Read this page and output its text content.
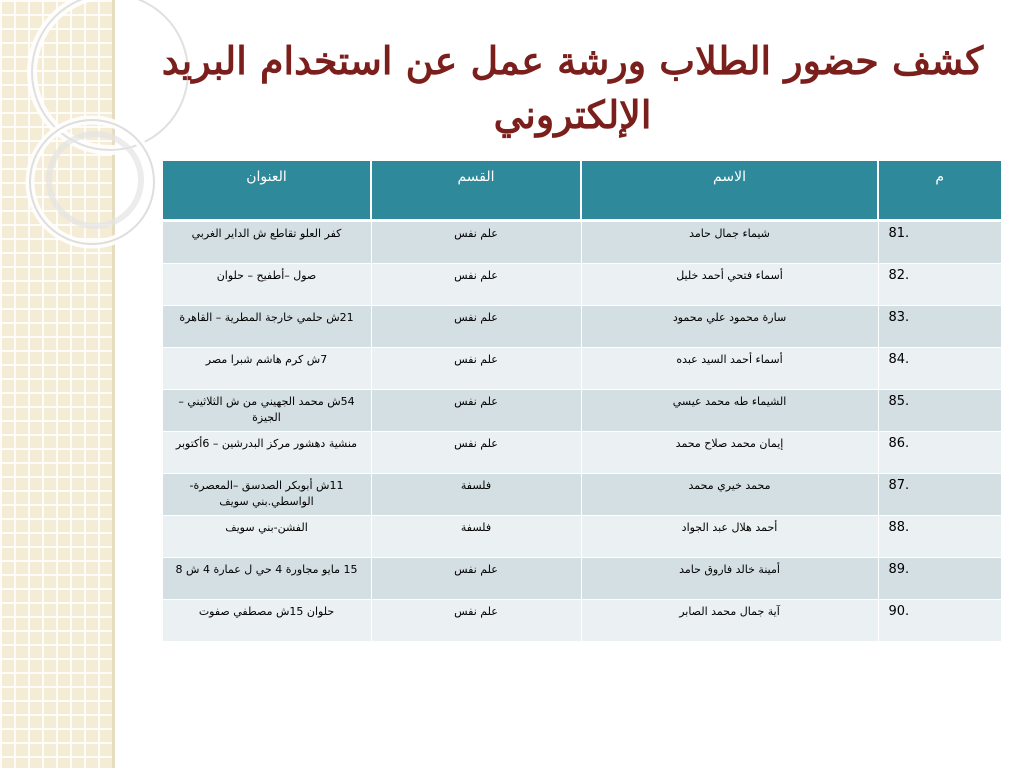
كشف حضور الطلاب ورشة عمل عن استخدام البريد الإلكتروني
م	الاسم	القسم	العنوان
.81	شيماء جمال حامد	علم نفس	كفر العلو تقاطع ش الداير الغربي
.82	أسماء فتحي أحمد خليل	علم نفس	صول –أطفيح – حلوان
.83	سارة محمود علي محمود	علم نفس	21ش حلمي خارجة المطرية – القاهرة
.84	أسماء أحمد السيد عبده	علم نفس	7ش كرم هاشم شبرا مصر
.85	الشيماء طه محمد عيسي	علم نفس	54ش محمد الجهيني من ش الثلاثيني –الجيزة
.86	إيمان محمد صلاح محمد	علم نفس	منشية دهشور مركز البدرشين – 6أكتوبر
.87	محمد خيري محمد	فلسفة	11ش أبوبكر الصدسق –المعصرة-الواسطي.بني سويف
.88	أحمد هلال عبد الجواد	فلسفة	الفشن-بني سويف
.89	أمينة خالد فاروق حامد	علم نفس	15 مايو مجاورة 4 حي ل عمارة 4 ش 8
.90	آية جمال محمد الصابر	علم نفس	حلوان 15ش مصطفي صفوت
